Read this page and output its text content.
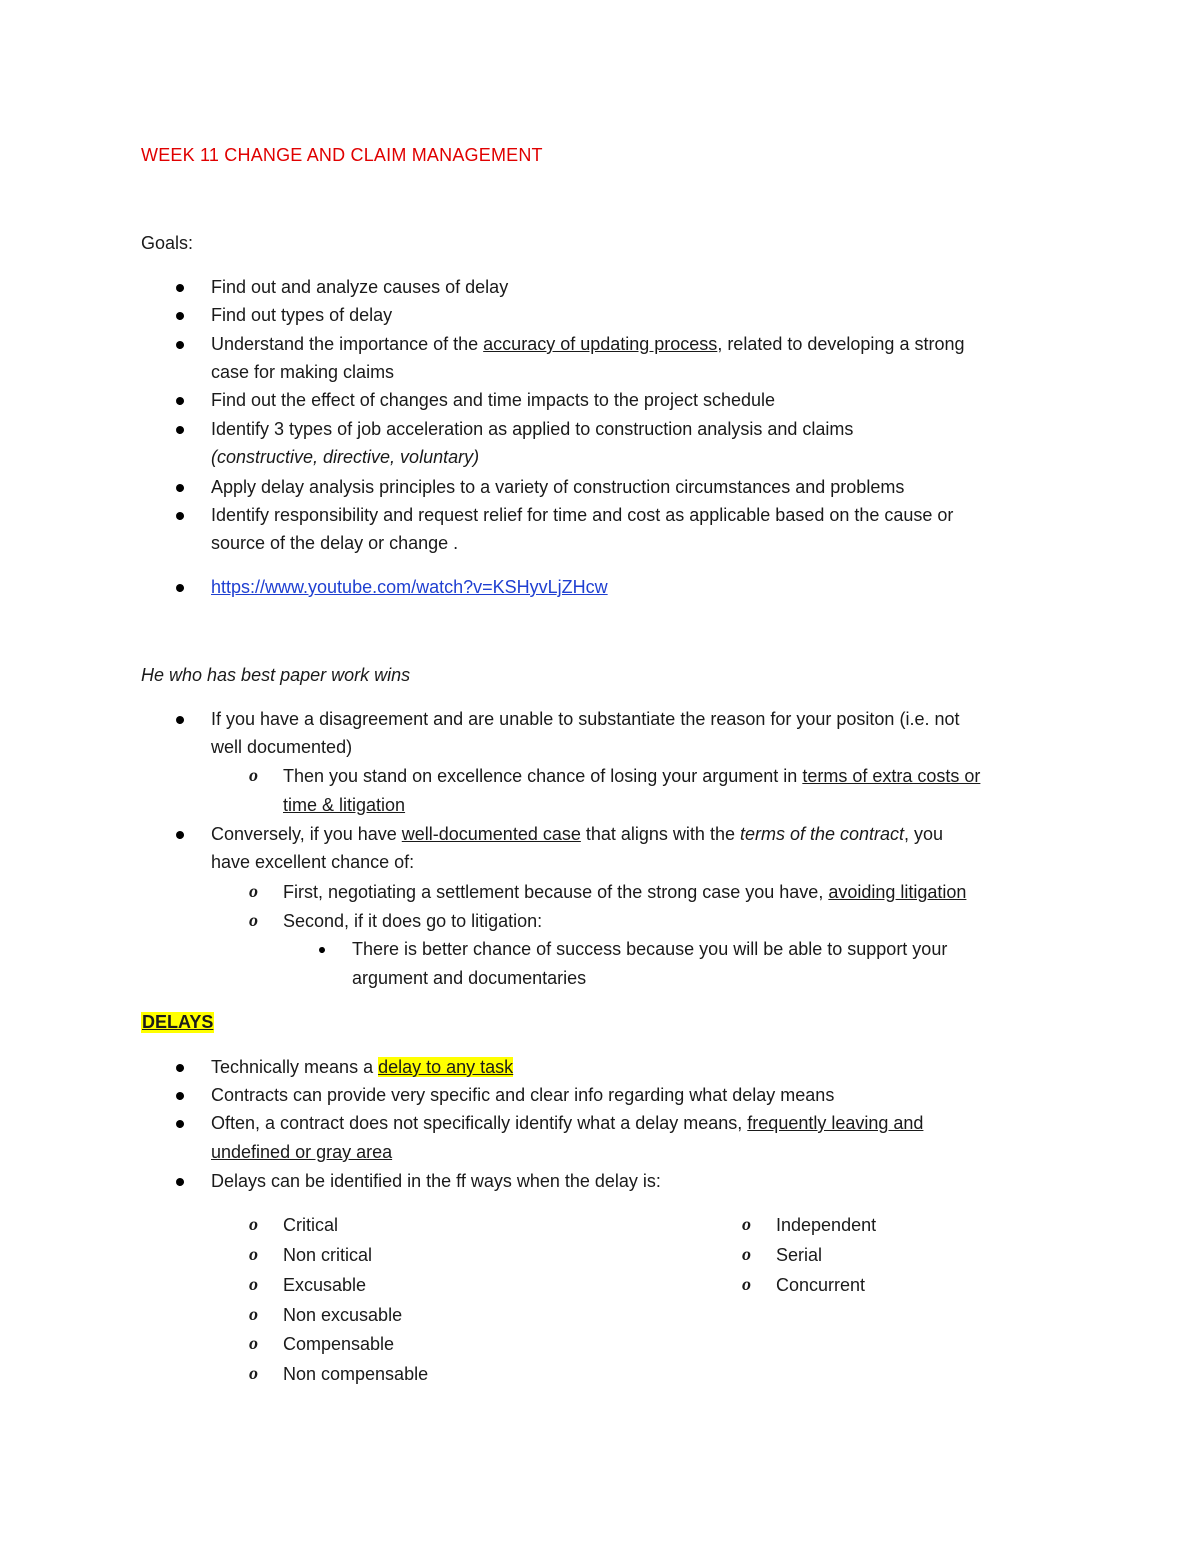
WEEK 11 CHANGE AND CLAIM MANAGEMENT
Goals:
Find out and analyze causes of delay
Find out types of delay
Understand the importance of the accuracy of updating process, related to developing a strong
case for making claims
Find out the effect of changes and time impacts to the project schedule
Identify 3 types of job acceleration as applied to construction analysis and claims
(constructive, directive, voluntary)
Apply delay analysis principles to a variety of construction circumstances and problems
Identify responsibility and request relief for time and cost as applicable based on the cause or
source of the delay or change .
https://www.youtube.com/watch?v=KSHyvLjZHcw
He who has best paper work wins
If you have a disagreement and are unable to substantiate the reason for your positon (i.e. not
well documented)
o Then you stand on excellence chance of losing your argument in terms of extra costs or
time & litigation
Conversely, if you have well-documented case that aligns with the terms of the contract, you
have excellent chance of:
o First, negotiating a settlement because of the strong case you have, avoiding litigation
o Second, if it does go to litigation:
There is better chance of success because you will be able to support your
argument and documentaries
DELAYS
Technically means a delay to any task
Contracts can provide very specific and clear info regarding what delay means
Often, a contract does not specifically identify what a delay means, frequently leaving and
undefined or gray area
Delays can be identified in the ff ways when the delay is:
o Critical
o Non critical
o Excusable
o Non excusable
o Compensable
o Non compensable
o Independent
o Serial
o Concurrent
